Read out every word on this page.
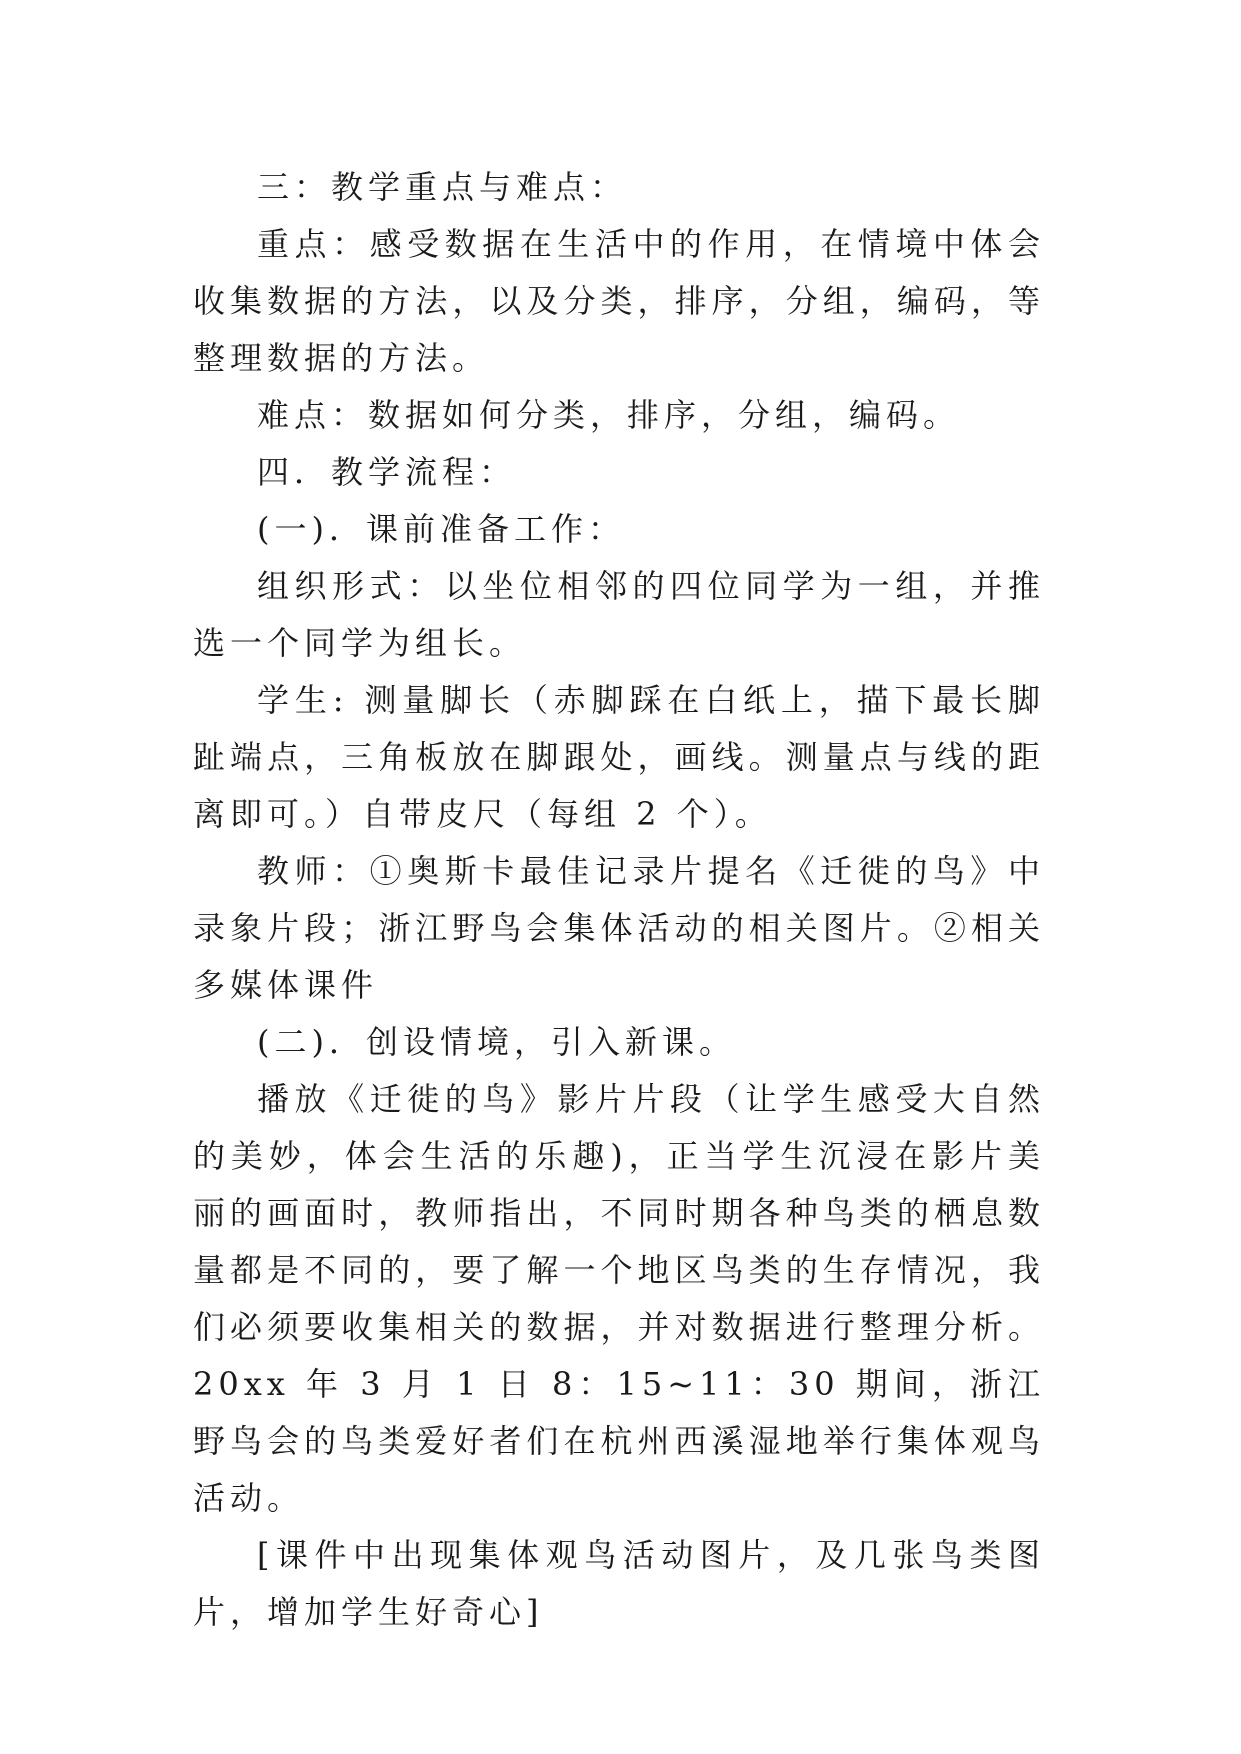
三：教学重点与难点：

重点：感受数据在生活中的作用，在情境中体会收集数据的方法，以及分类，排序，分组，编码，等整理数据的方法。

难点：数据如何分类，排序，分组，编码。

四．教学流程：

(一)．课前准备工作：

组织形式：以坐位相邻的四位同学为一组，并推选一个同学为组长。

学生: 测量脚长（赤脚踩在白纸上，描下最长脚趾端点，三角板放在脚跟处，画线。测量点与线的距离即可。）自带皮尺（每组 2 个）。

教师：①奥斯卡最佳记录片提名《迁徙的鸟》中录象片段；浙江野鸟会集体活动的相关图片。②相关多媒体课件

(二)．创设情境，引入新课。

播放《迁徙的鸟》影片片段（让学生感受大自然的美妙，体会生活的乐趣)，正当学生沉浸在影片美丽的画面时，教师指出，不同时期各种鸟类的栖息数量都是不同的，要了解一个地区鸟类的生存情况，我们必须要收集相关的数据，并对数据进行整理分析。20xx 年 3 月 1 日 8：15~11：30 期间，浙江野鸟会的鸟类爱好者们在杭州西溪湿地举行集体观鸟活动。

[课件中出现集体观鸟活动图片，及几张鸟类图片，增加学生好奇心]
